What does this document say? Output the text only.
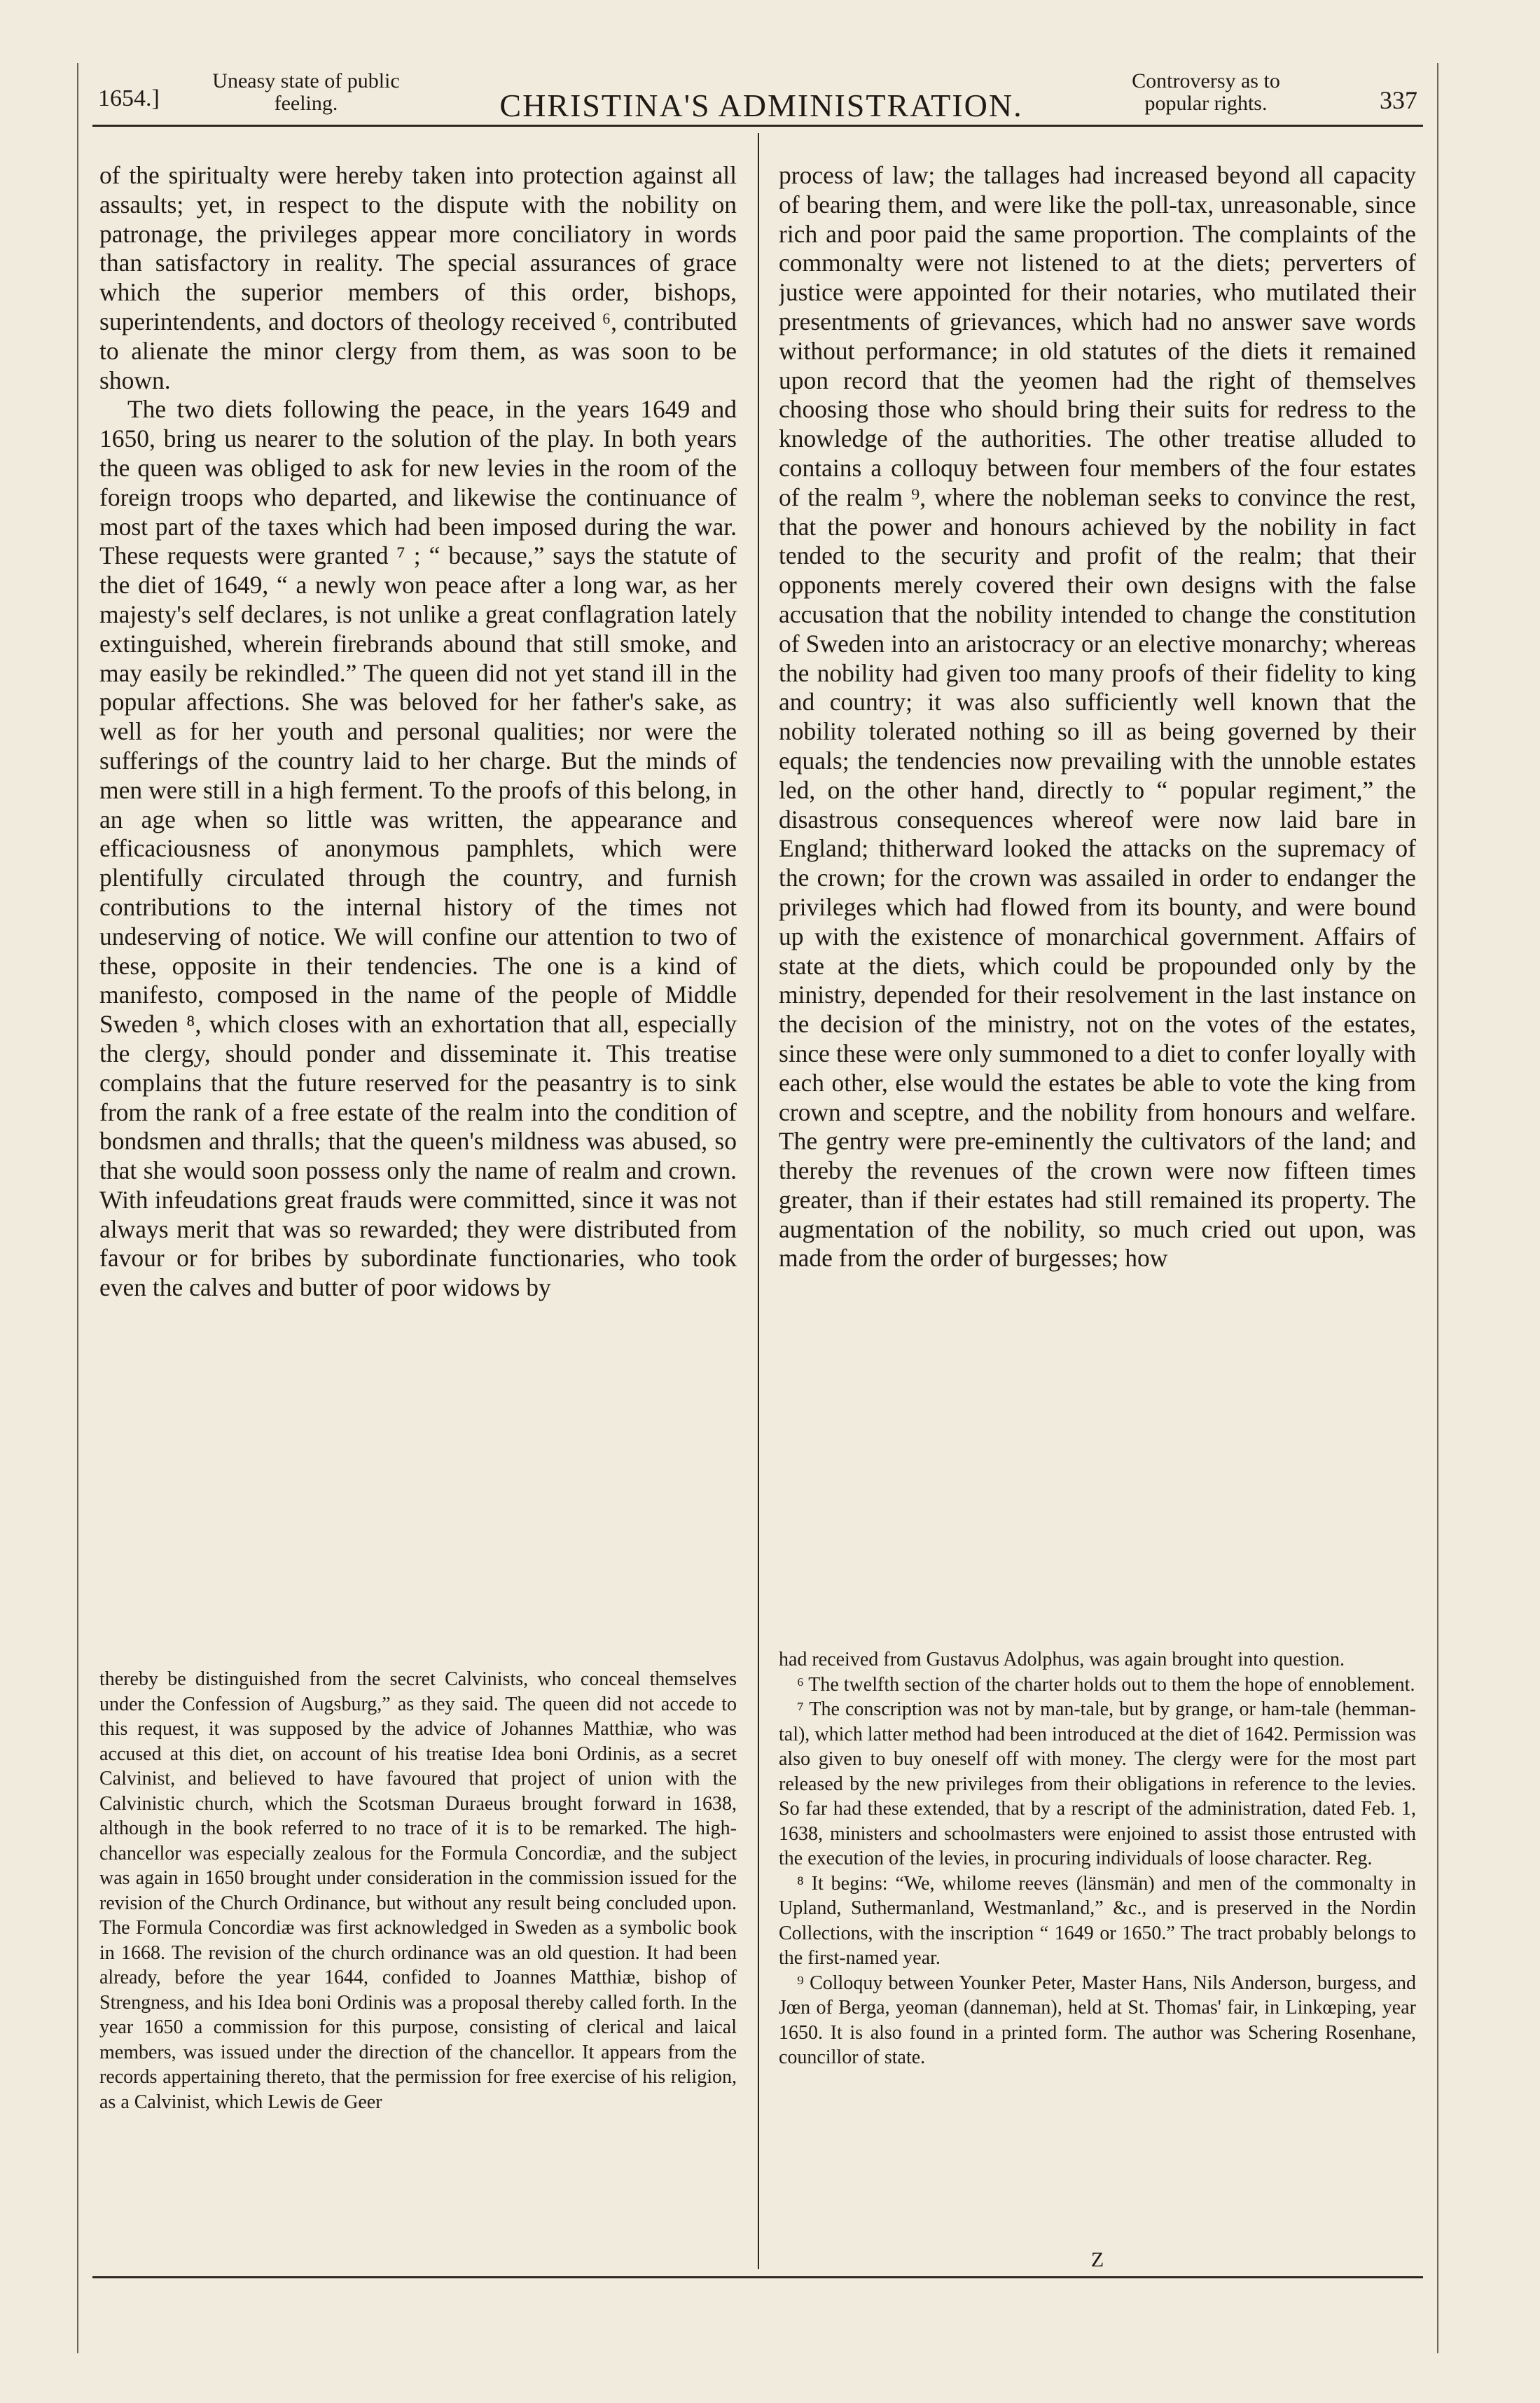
1654.]
Uneasy state of public feeling.	CHRISTINA'S ADMINISTRATION.
Controversy as to popular rights.	337

of the spiritualty were hereby taken into protection against all assaults; yet, in respect to the dispute with the nobility on patronage, the privileges appear more conciliatory in words than satisfactory in reality. The special assurances of grace which the superior members of this order, bishops, superintendents, and doctors of theology received ⁶, contributed to alienate the minor clergy from them, as was soon to be shown.

The two diets following the peace, in the years 1649 and 1650, bring us nearer to the solution of the play. In both years the queen was obliged to ask for new levies in the room of the foreign troops who departed, and likewise the continuance of most part of the taxes which had been imposed during the war. These requests were granted ⁷ ; “ because,” says the statute of the diet of 1649, “ a newly won peace after a long war, as her majesty's self declares, is not unlike a great conflagration lately extinguished, wherein firebrands abound that still smoke, and may easily be rekindled.” The queen did not yet stand ill in the popular affections. She was beloved for her father's sake, as well as for her youth and personal qualities; nor were the sufferings of the country laid to her charge. But the minds of men were still in a high ferment. To the proofs of this belong, in an age when so little was written, the appearance and efficaciousness of anonymous pamphlets, which were plentifully circulated through the country, and furnish contributions to the internal history of the times not undeserving of notice. We will confine our attention to two of these, opposite in their tendencies. The one is a kind of manifesto, composed in the name of the people of Middle Sweden ⁸, which closes with an exhortation that all, especially the clergy, should ponder and disseminate it. This treatise complains that the future reserved for the peasantry is to sink from the rank of a free estate of the realm into the condition of bondsmen and thralls; that the queen's mildness was abused, so that she would soon possess only the name of realm and crown. With infeudations great frauds were committed, since it was not always merit that was so rewarded; they were distributed from favour or for bribes by subordinate functionaries, who took even the calves and butter of poor widows by

process of law; the tallages had increased beyond all capacity of bearing them, and were like the poll-tax, unreasonable, since rich and poor paid the same proportion. The complaints of the commonalty were not listened to at the diets; perverters of justice were appointed for their notaries, who mutilated their presentments of grievances, which had no answer save words without performance; in old statutes of the diets it remained upon record that the yeomen had the right of themselves choosing those who should bring their suits for redress to the knowledge of the authorities. The other treatise alluded to contains a colloquy between four members of the four estates of the realm ⁹, where the nobleman seeks to convince the rest, that the power and honours achieved by the nobility in fact tended to the security and profit of the realm; that their opponents merely covered their own designs with the false accusation that the nobility intended to change the constitution of Sweden into an aristocracy or an elective monarchy; whereas the nobility had given too many proofs of their fidelity to king and country; it was also sufficiently well known that the nobility tolerated nothing so ill as being governed by their equals; the tendencies now prevailing with the unnoble estates led, on the other hand, directly to “ popular regiment,” the disastrous consequences whereof were now laid bare in England; thitherward looked the attacks on the supremacy of the crown; for the crown was assailed in order to endanger the privileges which had flowed from its bounty, and were bound up with the existence of monarchical government. Affairs of state at the diets, which could be propounded only by the ministry, depended for their resolvement in the last instance on the decision of the ministry, not on the votes of the estates, since these were only summoned to a diet to confer loyally with each other, else would the estates be able to vote the king from crown and sceptre, and the nobility from honours and welfare. The gentry were pre-eminently the cultivators of the land; and thereby the revenues of the crown were now fifteen times greater, than if their estates had still remained its property. The augmentation of the nobility, so much cried out upon, was made from the order of burgesses; how

thereby be distinguished from the secret Calvinists, who conceal themselves under the Confession of Augsburg,” as they said. The queen did not accede to this request, it was supposed by the advice of Johannes Matthiæ, who was accused at this diet, on account of his treatise Idea boni Ordinis, as a secret Calvinist, and believed to have favoured that project of union with the Calvinistic church, which the Scotsman Duraeus brought forward in 1638, although in the book referred to no trace of it is to be remarked. The high-chancellor was especially zealous for the Formula Concordiæ, and the subject was again in 1650 brought under consideration in the commission issued for the revision of the Church Ordinance, but without any result being concluded upon. The Formula Concordiæ was first acknowledged in Sweden as a symbolic book in 1668. The revision of the church ordinance was an old question. It had been already, before the year 1644, confided to Joannes Matthiæ, bishop of Strengness, and his Idea boni Ordinis was a proposal thereby called forth. In the year 1650 a commission for this purpose, consisting of clerical and laical members, was issued under the direction of the chancellor. It appears from the records appertaining thereto, that the permission for free exercise of his religion, as a Calvinist, which Lewis de Geer

had received from Gustavus Adolphus, was again brought into question.

⁶ The twelfth section of the charter holds out to them the hope of ennoblement.

⁷ The conscription was not by man-tale, but by grange, or ham-tale (hemman-tal), which latter method had been introduced at the diet of 1642. Permission was also given to buy oneself off with money. The clergy were for the most part released by the new privileges from their obligations in reference to the levies. So far had these extended, that by a rescript of the administration, dated Feb. 1, 1638, ministers and schoolmasters were enjoined to assist those entrusted with the execution of the levies, in procuring individuals of loose character. Reg.

⁸ It begins: “We, whilome reeves (länsmän) and men of the commonalty in Upland, Suthermanland, Westmanland,” &c., and is preserved in the Nordin Collections, with the inscription “ 1649 or 1650.” The tract probably belongs to the first-named year.

⁹ Colloquy between Younker Peter, Master Hans, Nils Anderson, burgess, and Jœn of Berga, yeoman (danneman), held at St. Thomas' fair, in Linkœping, year 1650. It is also found in a printed form. The author was Schering Rosenhane, councillor of state.

Z
